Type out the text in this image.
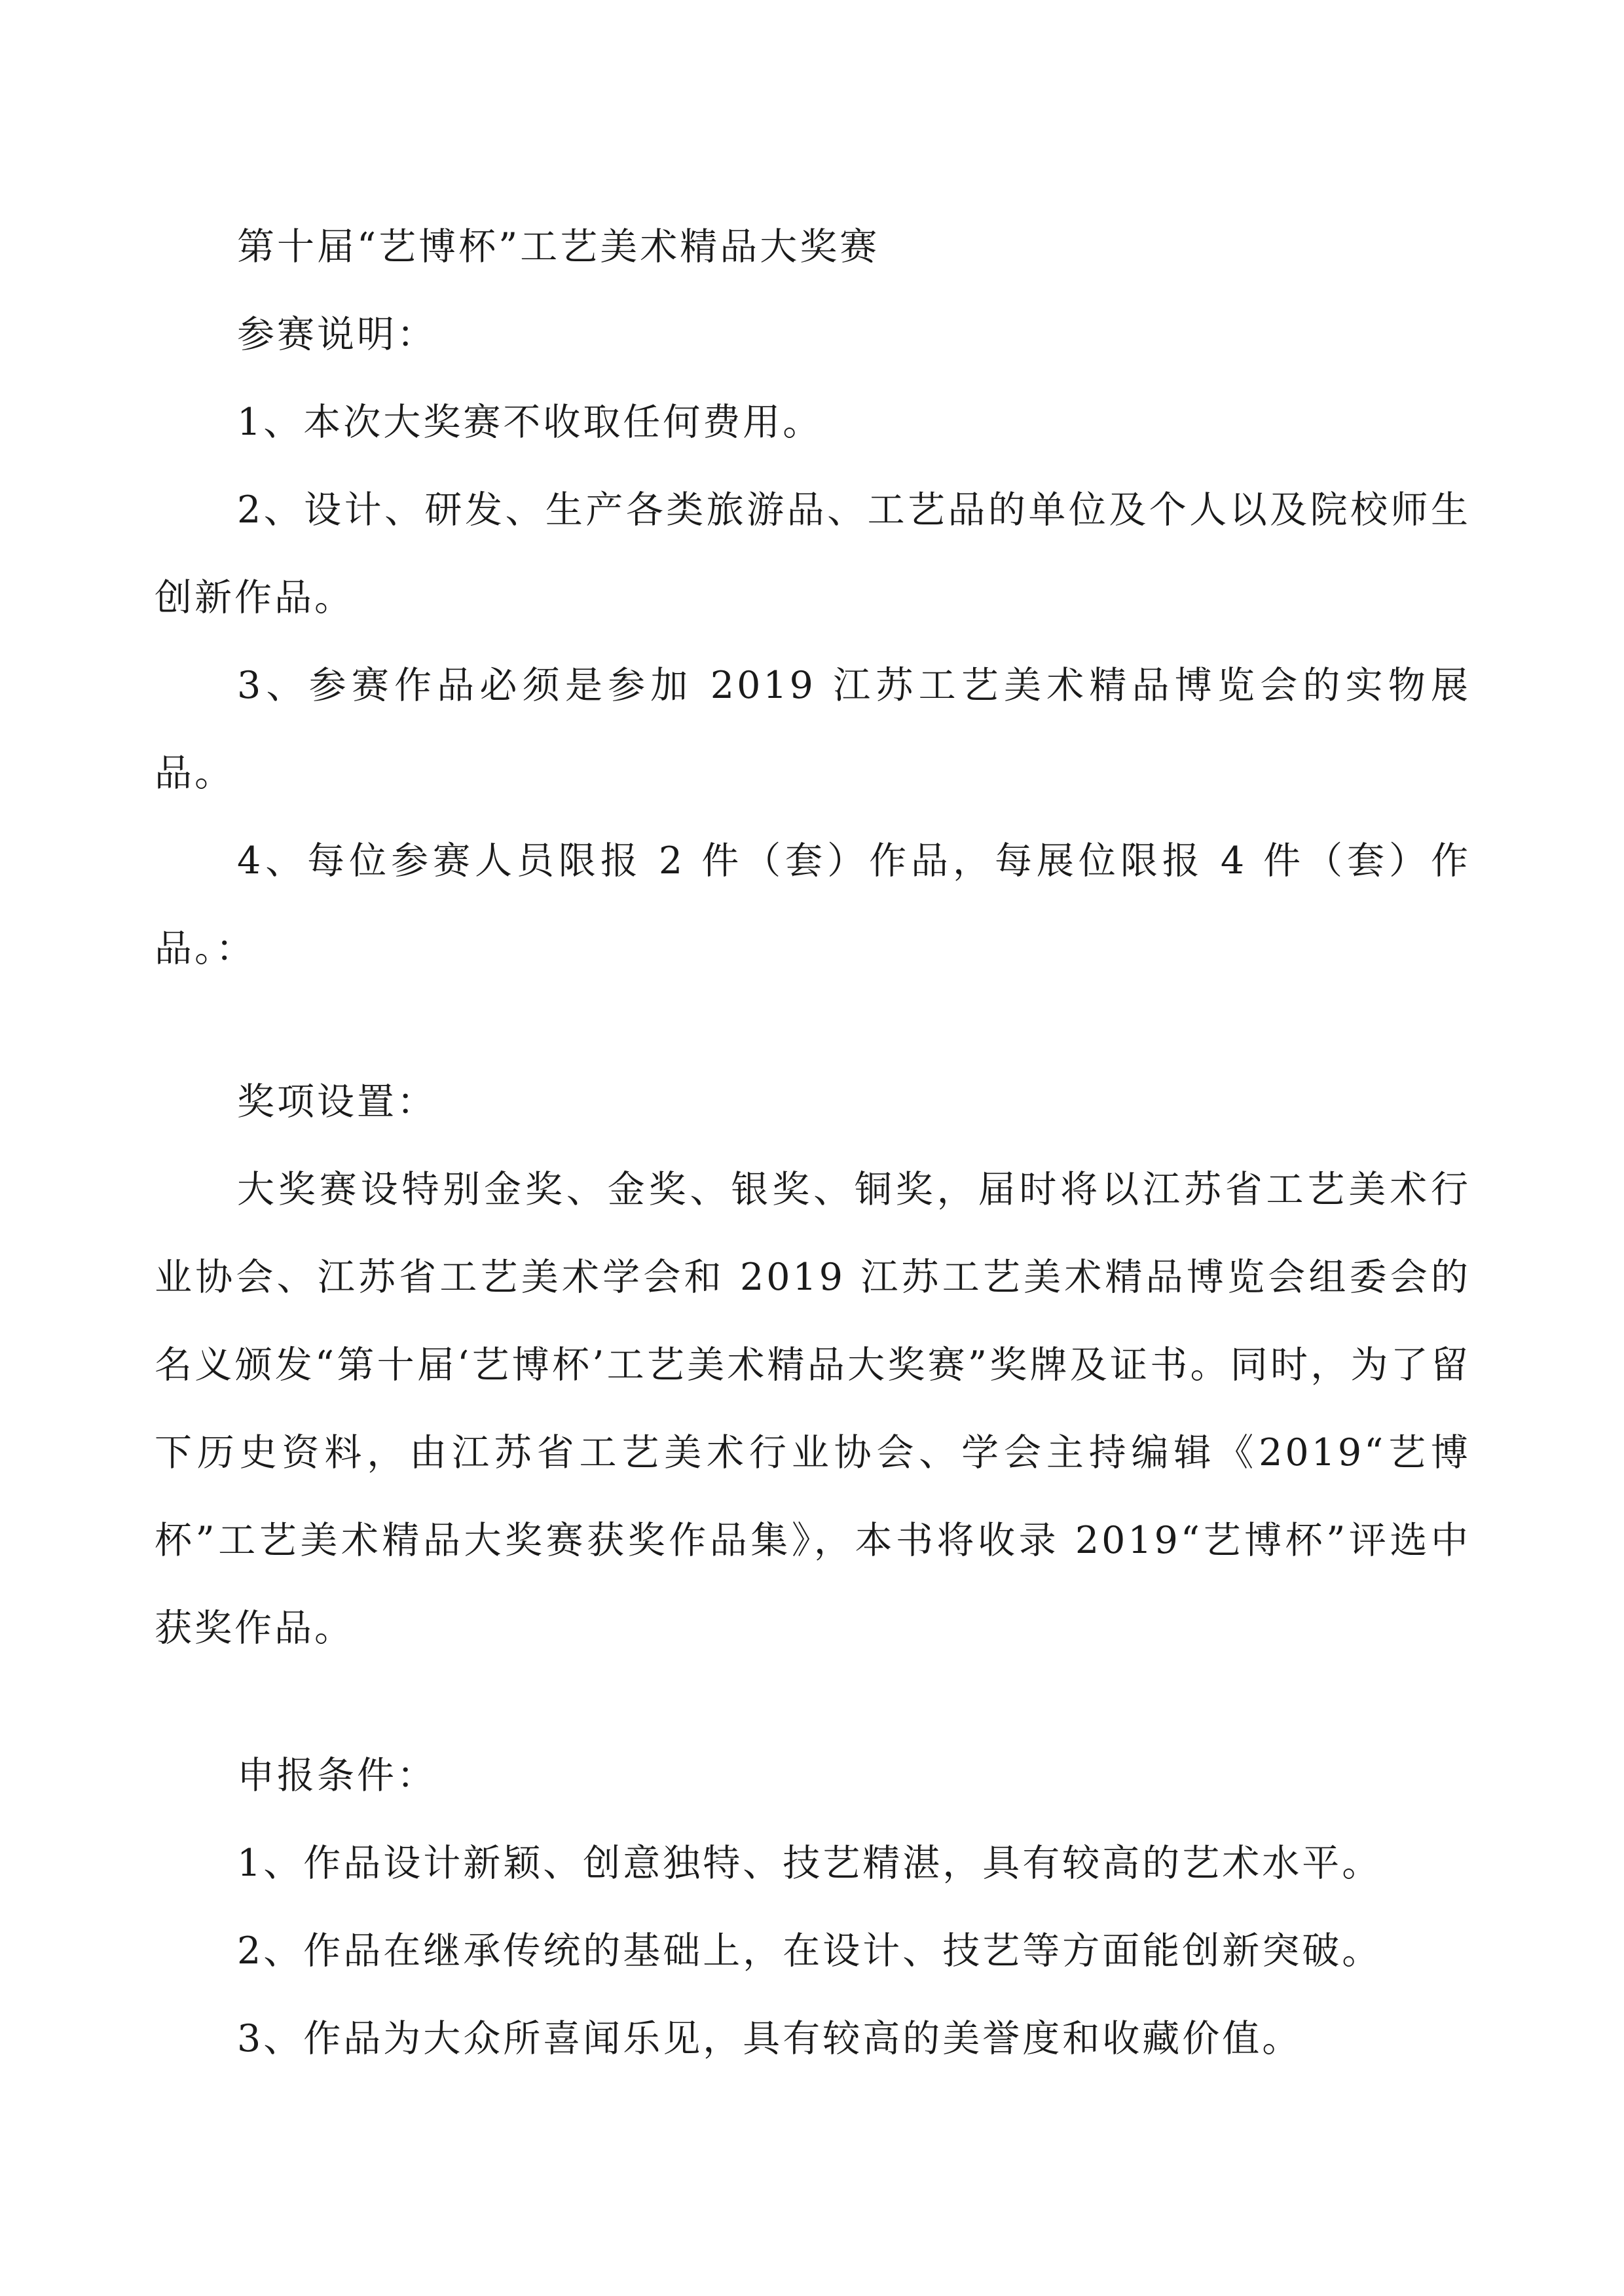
第十届“艺博杯”工艺美术精品大奖赛

参赛说明：

1、本次大奖赛不收取任何费用。

2、设计、研发、生产各类旅游品、工艺品的单位及个人以及院校师生创新作品。

3、参赛作品必须是参加 2019 江苏工艺美术精品博览会的实物展品。

4、每位参赛人员限报 2 件（套）作品，每展位限报 4 件（套）作品。：

奖项设置：

大奖赛设特别金奖、金奖、银奖、铜奖，届时将以江苏省工艺美术行业协会、江苏省工艺美术学会和 2019 江苏工艺美术精品博览会组委会的名义颁发“第十届‘艺博杯’工艺美术精品大奖赛”奖牌及证书。同时，为了留下历史资料，由江苏省工艺美术行业协会、学会主持编辑《2019“艺博杯”工艺美术精品大奖赛获奖作品集》，本书将收录 2019“艺博杯”评选中获奖作品。

申报条件：

1、作品设计新颖、创意独特、技艺精湛，具有较高的艺术水平。

2、作品在继承传统的基础上，在设计、技艺等方面能创新突破。

3、作品为大众所喜闻乐见，具有较高的美誉度和收藏价值。
